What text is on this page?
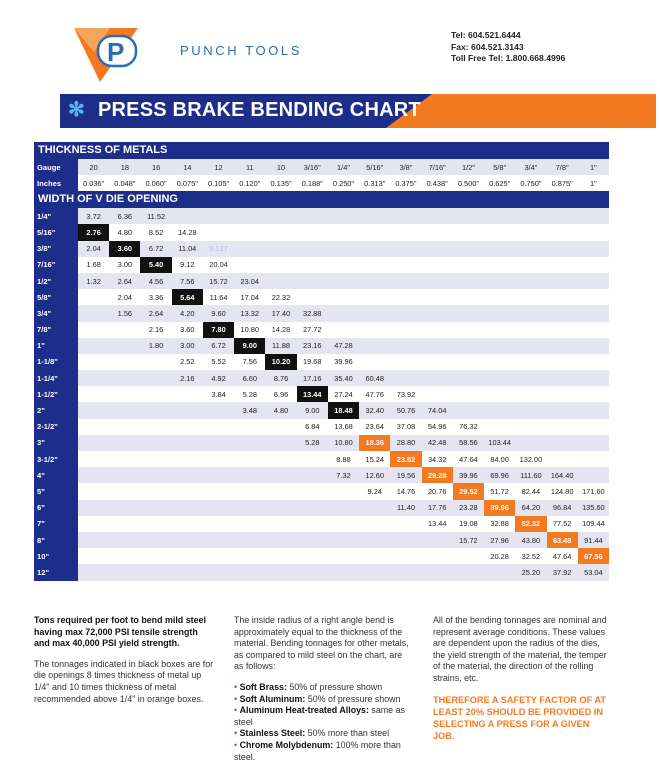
P	PUNCH TOOLS
Tel: 604.521.6444
Fax: 604.521.3143
Toll Free Tel: 1.800.668.4996
✻ PRESS BRAKE BENDING CHART
THICKNESS OF METALS
Gauge	20	18	16	14	12	11	10	3/16"	1/4"	5/16"	3/8"	7/16"	1/2"	5/8"	3/4"	7/8"	1"
Inches	0.036"	0.048"	0.060"	0.075"	0.105"	0.120"	0.135"	0.188"	0.250"	0.313"	0.375"	0.438"	0.500"	0.625"	0.750"	0.875"	1"
WIDTH OF V DIE OPENING
1/4"	3.72	6.36	11.52														
5/16"	2.76	4.80	8.52	14.28													
3/8"	2.04	3.60	6.72	11.04	9.127												
7/16"	1.68	3.00	5.40	9.12	20.04												
1/2"	1.32	2.64	4.56	7.56	15.72	23.04											
5/8"		2.04	3.36	5.64	11.64	17.04	22.32										
3/4"		1.56	2.64	4.20	9.60	13.32	17.40	32.88									
7/8"			2.16	3.60	7.80	10.80	14.28	27.72									
1"			1.80	3.00	6.72	9.00	11.88	23.16	47.28								
1-1/8"				2.52	5.52	7.56	10.20	19.68	39.96								
1-1/4"				2.16	4.92	6.60	8.76	17.16	35.40	60.48							
1-1/2"					3.84	5.28	6.96	13.44	27.24	47.76	73.92						
2"						3.48	4.80	9.00	18.48	32.40	50.76	74.04					
2-1/2"								6.84	13.68	23.64	37.08	54.96	76.32				
3"								5.28	10.80	18.36	28.80	42.48	58.56	103.44			
3-1/2"									8.88	15.24	23.52	34.32	47.64	84.00	132.00		
4"									7.32	12.60	19.56	29.28	39.96	69.96	111.60	164.40	
5"										9.24	14.76	20.76	29.52	51.72	82.44	124.80	171.60
6"											11.40	17.76	23.28	39.96	64.20	96.84	135.60
7"												13.44	19.08	32.88	52.32	77.52	109.44
8"													15.72	27.96	43.80	63.48	91.44
10"														20.28	32.52	47.64	67.56
12"															25.20	37.92	53.04
Tons required per foot to bend mild steel having max 72,000 PSI tensile strength and max 40,000 PSI yield strength.
The tonnages indicated in black boxes are for die openings 8 times thickness of metal up 1/4" and 10 times thickness of metal recommended above 1/4" in orange boxes.
The inside radius of a right angle bend is approximately equal to the thickness of the material. Bending tonnages for other metals, as compared to mild steel on the chart, are as follows:
• Soft Brass: 50% of pressure shown
• Soft Aluminum: 50% of pressure shown
• Aluminum Heat-treated Alloys: same as steel
• Stainless Steel: 50% more than steel
• Chrome Molybdenum: 100% more than steel.
All of the bending tonnages are nominal and represent average conditions. These values are dependent upon the radius of the dies, the yield strength of the material, the temper of the material, the direction of the rolling strains, etc.
THEREFORE A SAFETY FACTOR OF AT LEAST 20% SHOULD BE PROVIDED IN SELECTING A PRESS FOR A GIVEN JOB.
